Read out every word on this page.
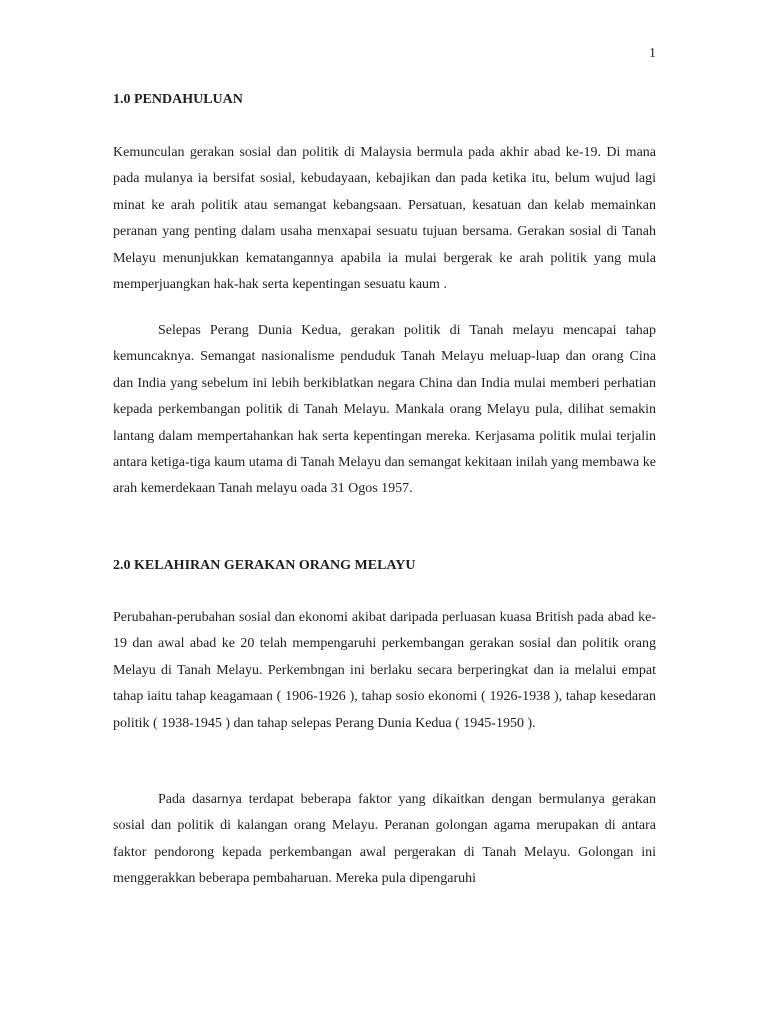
1
1.0 PENDAHULUAN

Kemunculan gerakan sosial dan politik di Malaysia bermula pada akhir abad ke-19. Di mana pada mulanya ia bersifat sosial, kebudayaan, kebajikan dan pada ketika itu, belum wujud lagi minat ke arah politik atau semangat kebangsaan. Persatuan, kesatuan dan kelab memainkan peranan yang penting dalam usaha menxapai sesuatu tujuan bersama. Gerakan sosial di Tanah Melayu menunjukkan kematangannya apabila ia mulai bergerak ke arah politik yang mula memperjuangkan hak-hak serta kepentingan sesuatu kaum .

Selepas Perang Dunia Kedua, gerakan politik di Tanah melayu mencapai tahap kemuncaknya. Semangat nasionalisme penduduk Tanah Melayu meluap-luap dan orang Cina dan India yang sebelum ini lebih berkiblatkan negara China dan India mulai memberi perhatian kepada perkembangan politik di Tanah Melayu. Mankala orang Melayu pula, dilihat semakin lantang dalam mempertahankan hak serta kepentingan mereka. Kerjasama politik mulai terjalin antara ketiga-tiga kaum utama di Tanah Melayu dan semangat kekitaan inilah yang membawa ke arah kemerdekaan Tanah melayu oada 31 Ogos 1957.

2.0 KELAHIRAN GERAKAN ORANG MELAYU

Perubahan-perubahan sosial dan ekonomi akibat daripada perluasan kuasa British pada abad ke-19 dan awal abad ke 20 telah mempengaruhi perkembangan gerakan sosial dan politik orang Melayu di Tanah Melayu. Perkembngan ini berlaku secara berperingkat dan ia melalui empat tahap iaitu tahap keagamaan ( 1906-1926 ), tahap sosio ekonomi ( 1926-1938 ), tahap kesedaran politik ( 1938-1945 ) dan tahap selepas Perang Dunia Kedua ( 1945-1950 ).

Pada dasarnya terdapat beberapa faktor yang dikaitkan dengan bermulanya gerakan sosial dan politik di kalangan orang Melayu. Peranan golongan agama merupakan di antara faktor pendorong kepada perkembangan awal pergerakan di Tanah Melayu. Golongan ini menggerakkan beberapa pembaharuan. Mereka pula dipengaruhi
